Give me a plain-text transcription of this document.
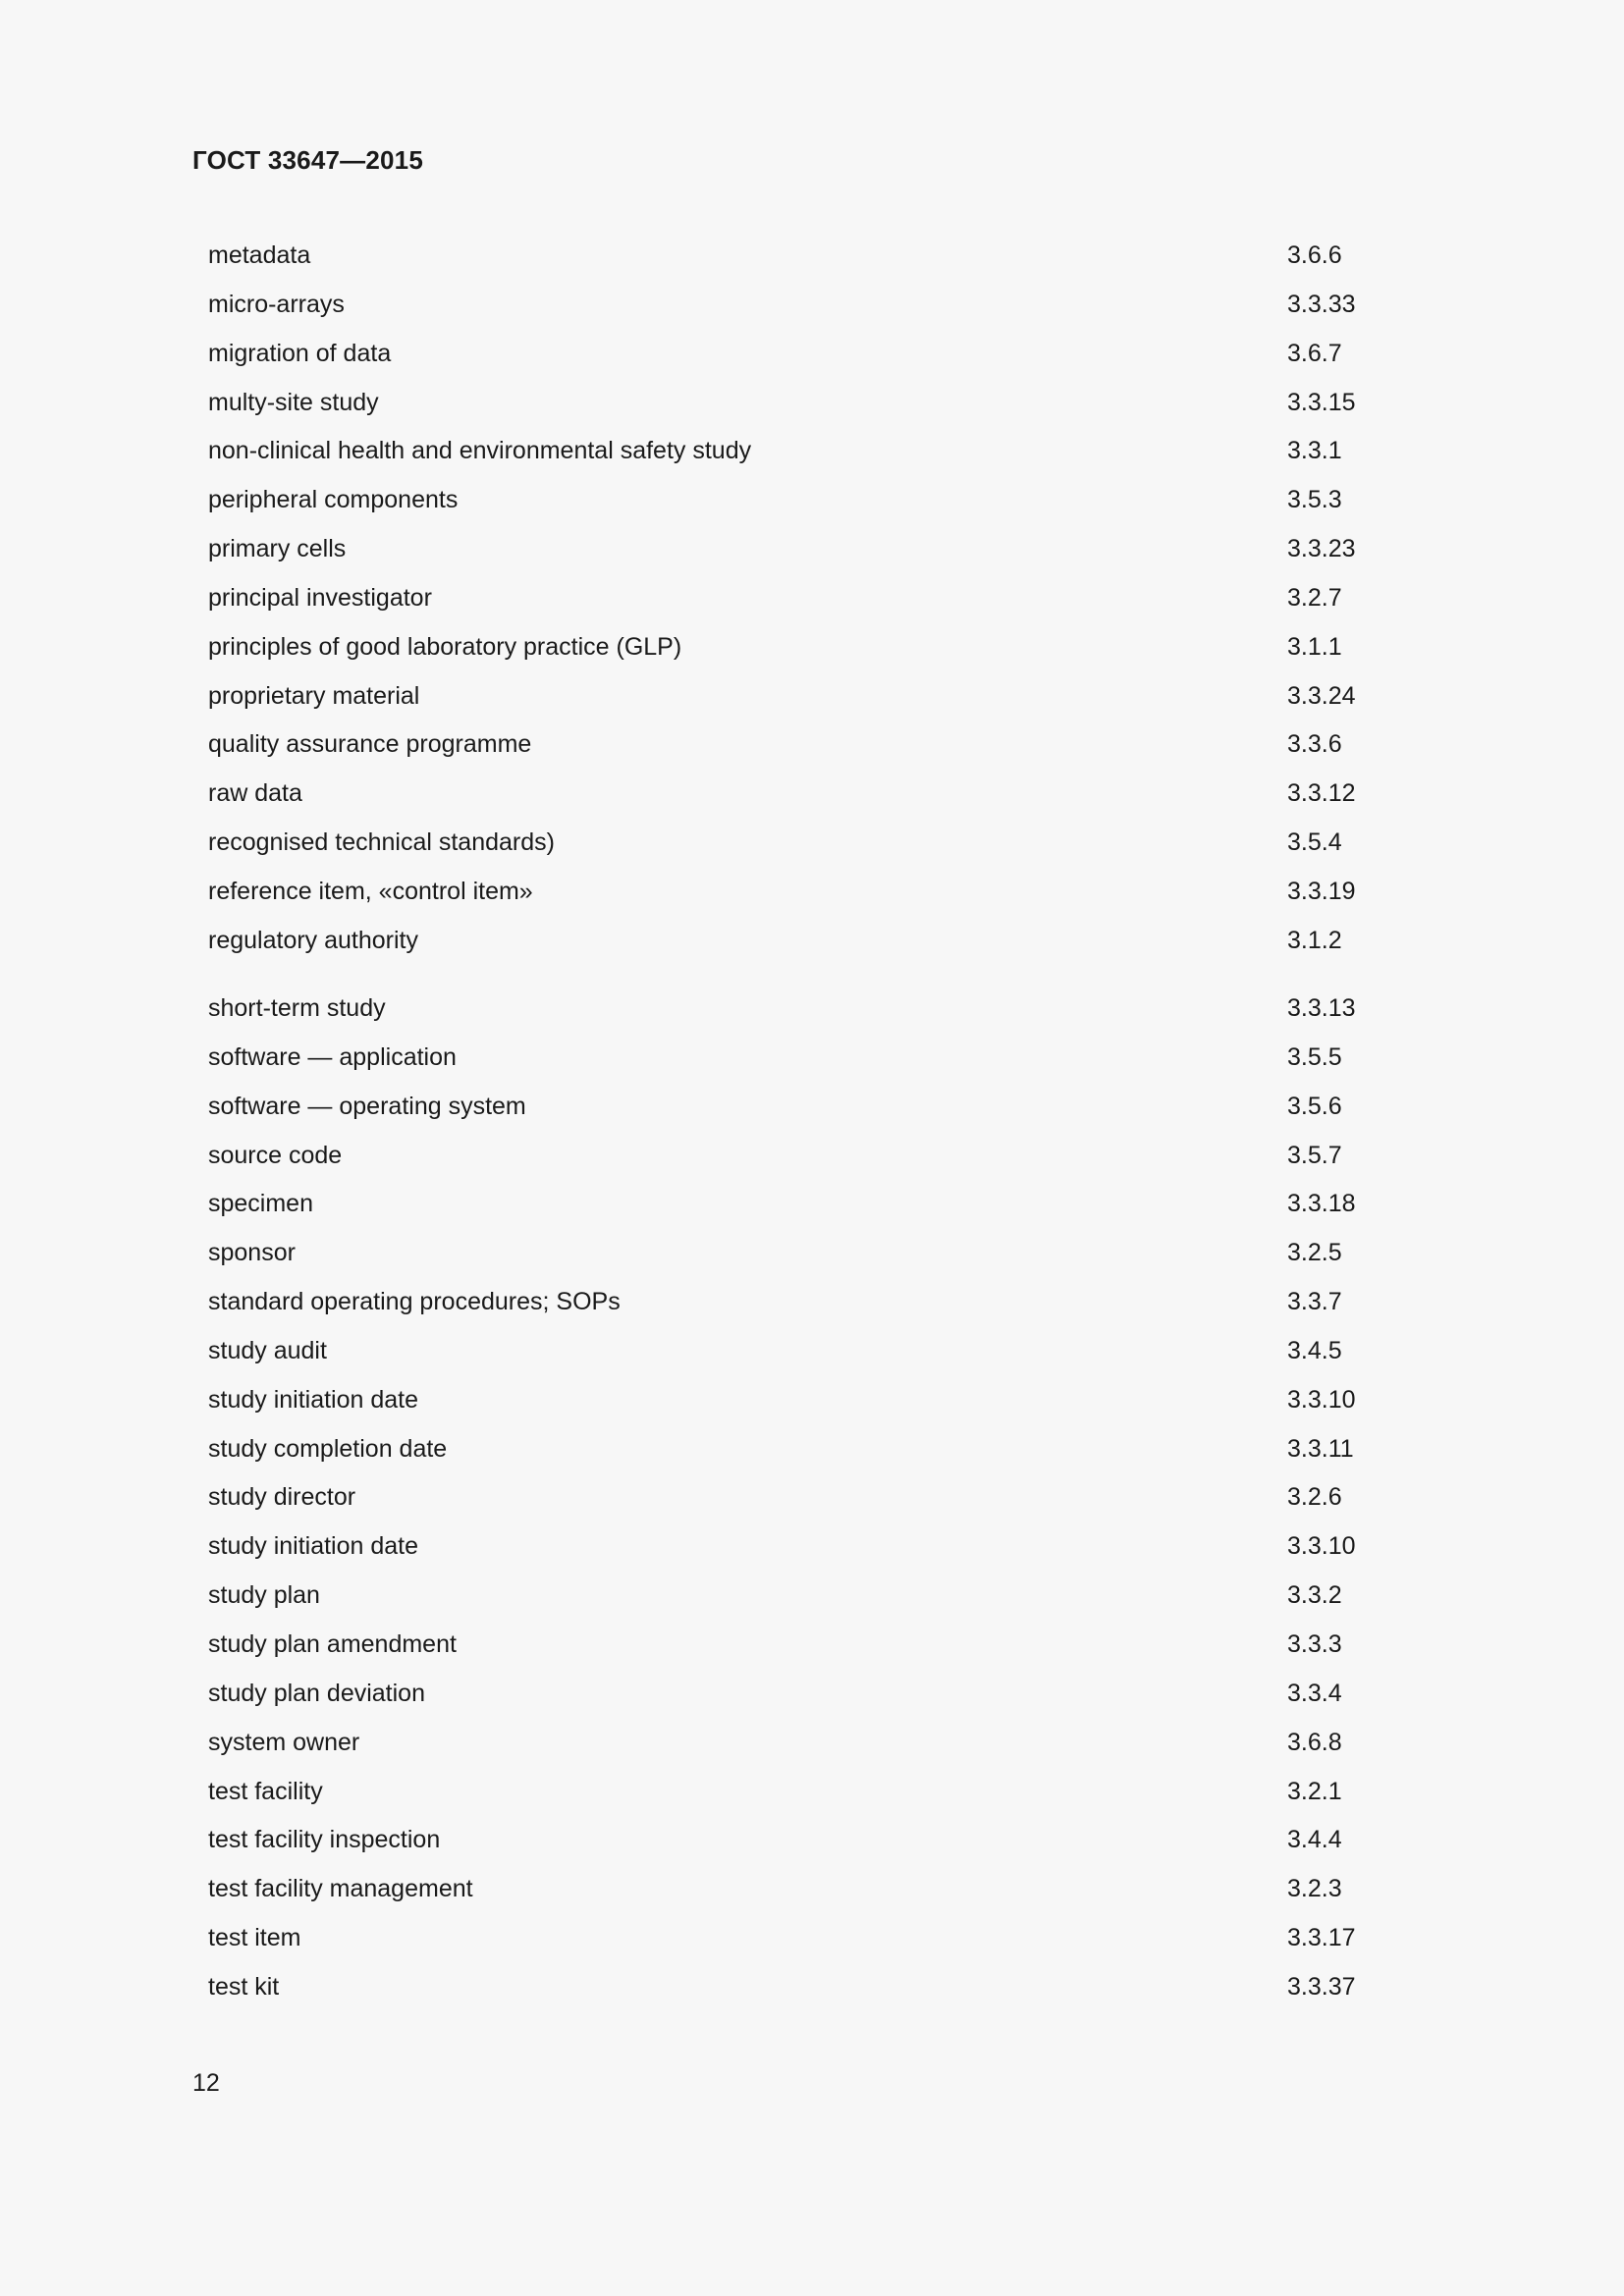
ГОСТ 33647—2015
metadata	3.6.6
micro-arrays	3.3.33
migration of data	3.6.7
multy-site study	3.3.15
non-clinical health and environmental safety study	3.3.1
peripheral components	3.5.3
primary cells	3.3.23
principal investigator	3.2.7
principles of good laboratory practice (GLP)	3.1.1
proprietary material	3.3.24
quality assurance programme	3.3.6
raw data	3.3.12
recognised technical standards)	3.5.4
reference item, «control item»	3.3.19
regulatory authority	3.1.2
short-term study	3.3.13
software — application	3.5.5
software — operating system	3.5.6
source code	3.5.7
specimen	3.3.18
sponsor	3.2.5
standard operating procedures; SOPs	3.3.7
study audit	3.4.5
study initiation date	3.3.10
study completion date	3.3.11
study director	3.2.6
study initiation date	3.3.10
study plan	3.3.2
study plan amendment	3.3.3
study plan deviation	3.3.4
system owner	3.6.8
test facility	3.2.1
test facility inspection	3.4.4
test facility management	3.2.3
test item	3.3.17
test kit	3.3.37
12
